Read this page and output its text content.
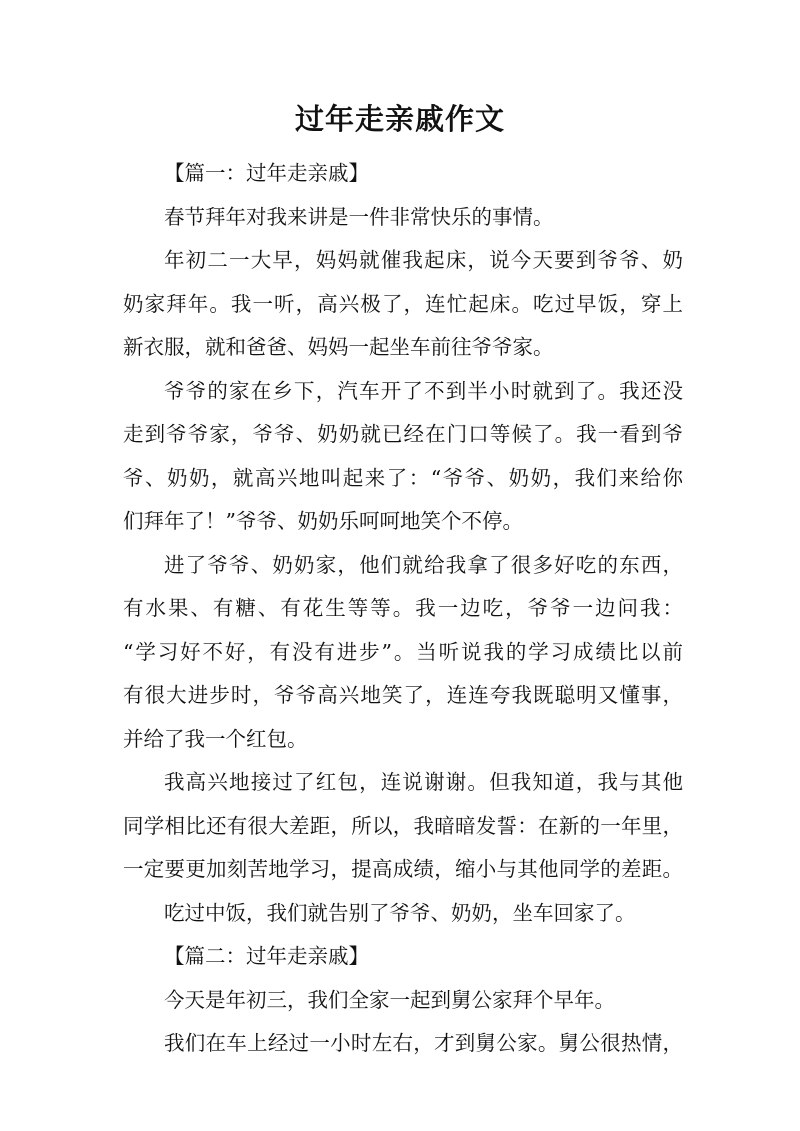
过年走亲戚作文
【篇一：过年走亲戚】
春节拜年对我来讲是一件非常快乐的事情。
年初二一大早，妈妈就催我起床，说今天要到爷爷、奶
奶家拜年。我一听，高兴极了，连忙起床。吃过早饭，穿上
新衣服，就和爸爸、妈妈一起坐车前往爷爷家。
爷爷的家在乡下，汽车开了不到半小时就到了。我还没
走到爷爷家，爷爷、奶奶就已经在门口等候了。我一看到爷
爷、奶奶，就高兴地叫起来了：“爷爷、奶奶，我们来给你
们拜年了！”爷爷、奶奶乐呵呵地笑个不停。
进了爷爷、奶奶家，他们就给我拿了很多好吃的东西，
有水果、有糖、有花生等等。我一边吃，爷爷一边问我：
“学习好不好，有没有进步”。当听说我的学习成绩比以前
有很大进步时，爷爷高兴地笑了，连连夸我既聪明又懂事，
并给了我一个红包。
我高兴地接过了红包，连说谢谢。但我知道，我与其他
同学相比还有很大差距，所以，我暗暗发誓：在新的一年里，
一定要更加刻苦地学习，提高成绩，缩小与其他同学的差距。
吃过中饭，我们就告别了爷爷、奶奶，坐车回家了。
【篇二：过年走亲戚】
今天是年初三，我们全家一起到舅公家拜个早年。
我们在车上经过一小时左右，才到舅公家。舅公很热情，
